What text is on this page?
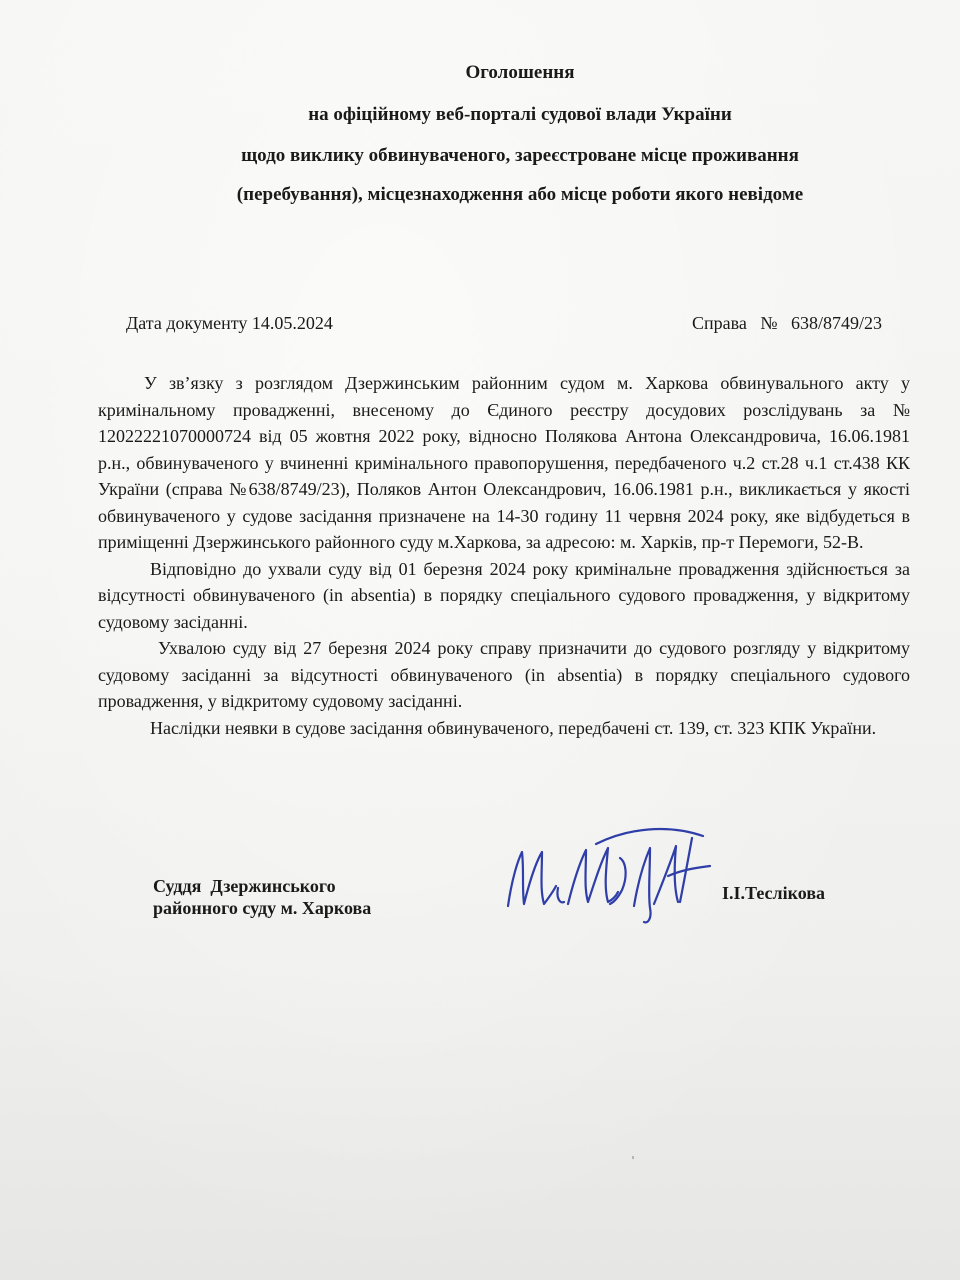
Оголошення
на офіційному веб-порталі судової влади України
щодо виклику обвинуваченого, зареєстроване місце проживання
(перебування), місцезнаходження або місце роботи якого невідоме
Дата документу 14.05.2024	Справа   №   638/8749/23

У зв’язку з розглядом Дзержинським районним судом м. Харкова обвинувального акту у кримінальному провадженні, внесеному до Єдиного реєстру досудових розслідувань за № 12022221070000724 від 05 жовтня 2022 року, відносно Полякова Антона Олександровича, 16.06.1981 р.н., обвинуваченого у вчиненні кримінального правопорушення, передбаченого ч.2 ст.28 ч.1 ст.438 КК України (справа №638/8749/23), Поляков Антон Олександрович, 16.06.1981 р.н., викликається у якості обвинуваченого у судове засідання призначене на 14-30 годину 11 червня 2024 року, яке відбудеться в приміщенні Дзержинського районного суду м.Харкова, за адресою: м. Харків, пр-т Перемоги, 52-В.

Відповідно до ухвали суду від 01 березня 2024 року кримінальне провадження здійснюється за відсутності обвинуваченого (in absentia) в порядку спеціального судового провадження, у відкритому судовому засіданні.

Ухвалою суду від 27 березня 2024 року справу призначити до судового розгляду у відкритому судовому засіданні за відсутності обвинуваченого (in absentia) в порядку спеціального судового провадження, у відкритому судовому засіданні.

Наслідки неявки в судове засідання обвинуваченого, передбачені ст. 139, ст. 323 КПК України.

Суддя  Дзержинського
районного суду м. Харкова
І.І.Теслікова
